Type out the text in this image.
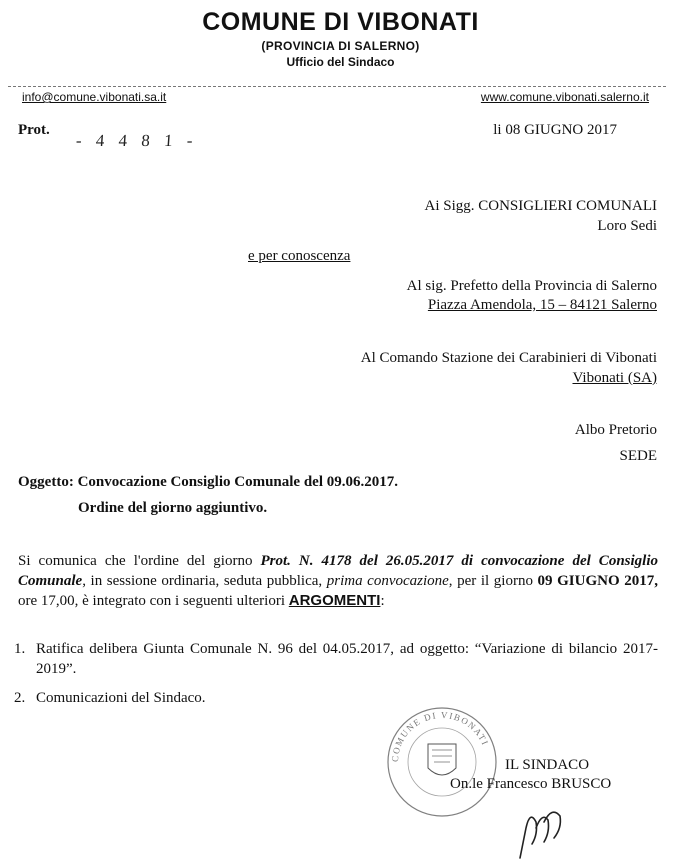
COMUNE DI VIBONATI
(PROVINCIA DI SALERNO)
Ufficio del Sindaco
info@comune.vibonati.sa.it	www.comune.vibonati.salerno.it
Prot.
- 4 4 8 1 -
li 08 GIUGNO 2017
Ai Sigg. CONSIGLIERI COMUNALI
Loro Sedi
e per conoscenza
Al sig. Prefetto della Provincia di Salerno
Piazza Amendola, 15 – 84121 Salerno
Al Comando Stazione dei Carabinieri di Vibonati
Vibonati (SA)
Albo Pretorio
SEDE
Oggetto: Convocazione Consiglio Comunale del 09.06.2017.
Ordine del giorno aggiuntivo.
Si comunica che l'ordine del giorno Prot. N. 4178 del 26.05.2017 di convocazione del Consiglio Comunale, in sessione ordinaria, seduta pubblica, prima convocazione, per il giorno 09 GIUGNO 2017, ore 17,00, è integrato con i seguenti ulteriori ARGOMENTI:
1. Ratifica delibera Giunta Comunale N. 96 del 04.05.2017, ad oggetto: “Variazione di bilancio 2017-2019”.
2. Comunicazioni del Sindaco.
COMUNE DI VIBONATI
IL SINDACO
On.le Francesco BRUSCO
